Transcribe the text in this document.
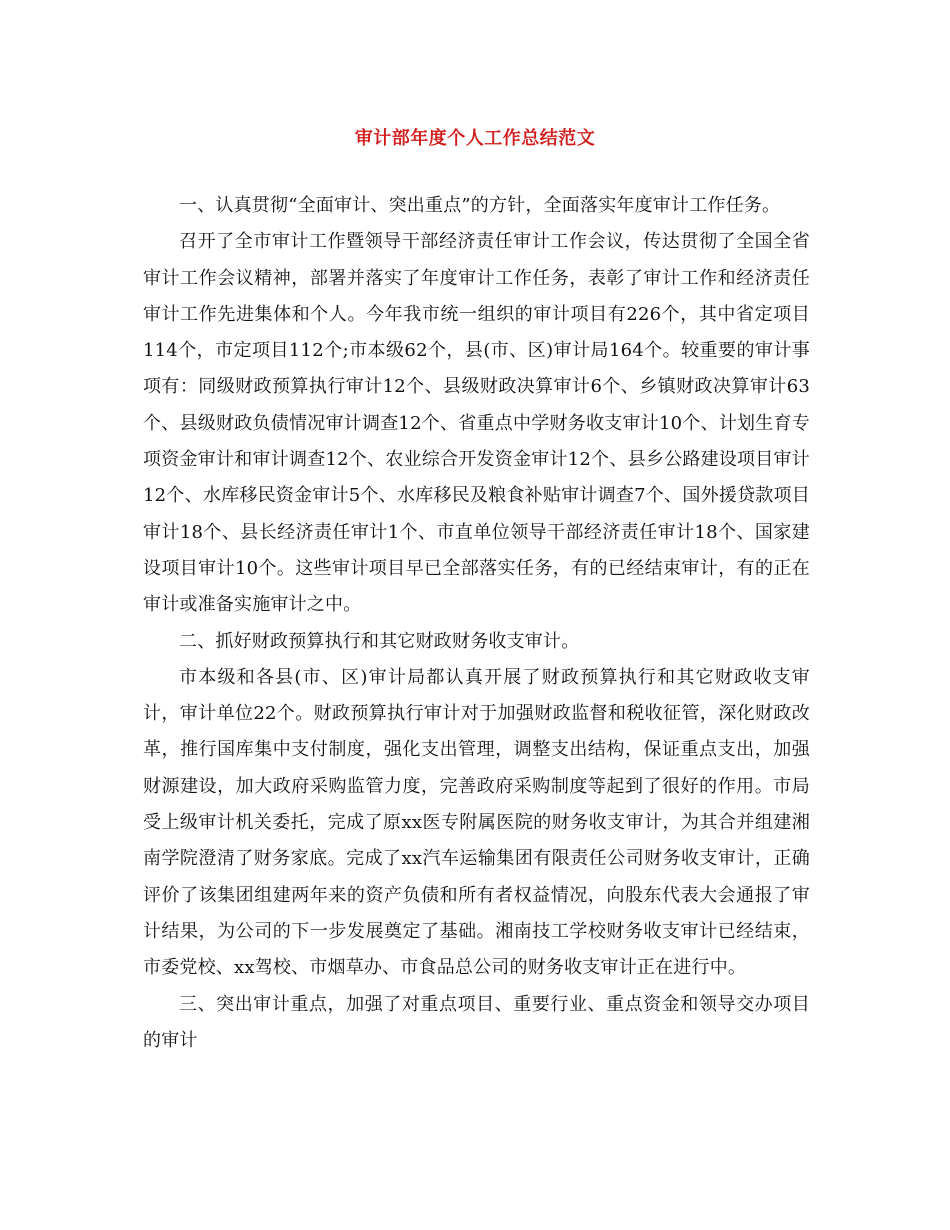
审计部年度个人工作总结范文

一、认真贯彻“全面审计、突出重点”的方针，全面落实年度审计工作任务。

召开了全市审计工作暨领导干部经济责任审计工作会议，传达贯彻了全国全省审计工作会议精神，部署并落实了年度审计工作任务，表彰了审计工作和经济责任审计工作先进集体和个人。今年我市统一组织的审计项目有226个，其中省定项目114个，市定项目112个;市本级62个，县(市、区)审计局164个。较重要的审计事项有：同级财政预算执行审计12个、县级财政决算审计6个、乡镇财政决算审计63个、县级财政负债情况审计调查12个、省重点中学财务收支审计10个、计划生育专项资金审计和审计调查12个、农业综合开发资金审计12个、县乡公路建设项目审计12个、水库移民资金审计5个、水库移民及粮食补贴审计调查7个、国外援贷款项目审计18个、县长经济责任审计1个、市直单位领导干部经济责任审计18个、国家建设项目审计10个。这些审计项目早已全部落实任务，有的已经结束审计，有的正在审计或准备实施审计之中。

二、抓好财政预算执行和其它财政财务收支审计。

市本级和各县(市、区)审计局都认真开展了财政预算执行和其它财政收支审计，审计单位22个。财政预算执行审计对于加强财政监督和税收征管，深化财政改革，推行国库集中支付制度，强化支出管理，调整支出结构，保证重点支出，加强财源建设，加大政府采购监管力度，完善政府采购制度等起到了很好的作用。市局受上级审计机关委托，完成了原xx医专附属医院的财务收支审计，为其合并组建湘南学院澄清了财务家底。完成了xx汽车运输集团有限责任公司财务收支审计，正确评价了该集团组建两年来的资产负债和所有者权益情况，向股东代表大会通报了审计结果，为公司的下一步发展奠定了基础。湘南技工学校财务收支审计已经结束，市委党校、xx驾校、市烟草办、市食品总公司的财务收支审计正在进行中。

三、突出审计重点，加强了对重点项目、重要行业、重点资金和领导交办项目的审计
